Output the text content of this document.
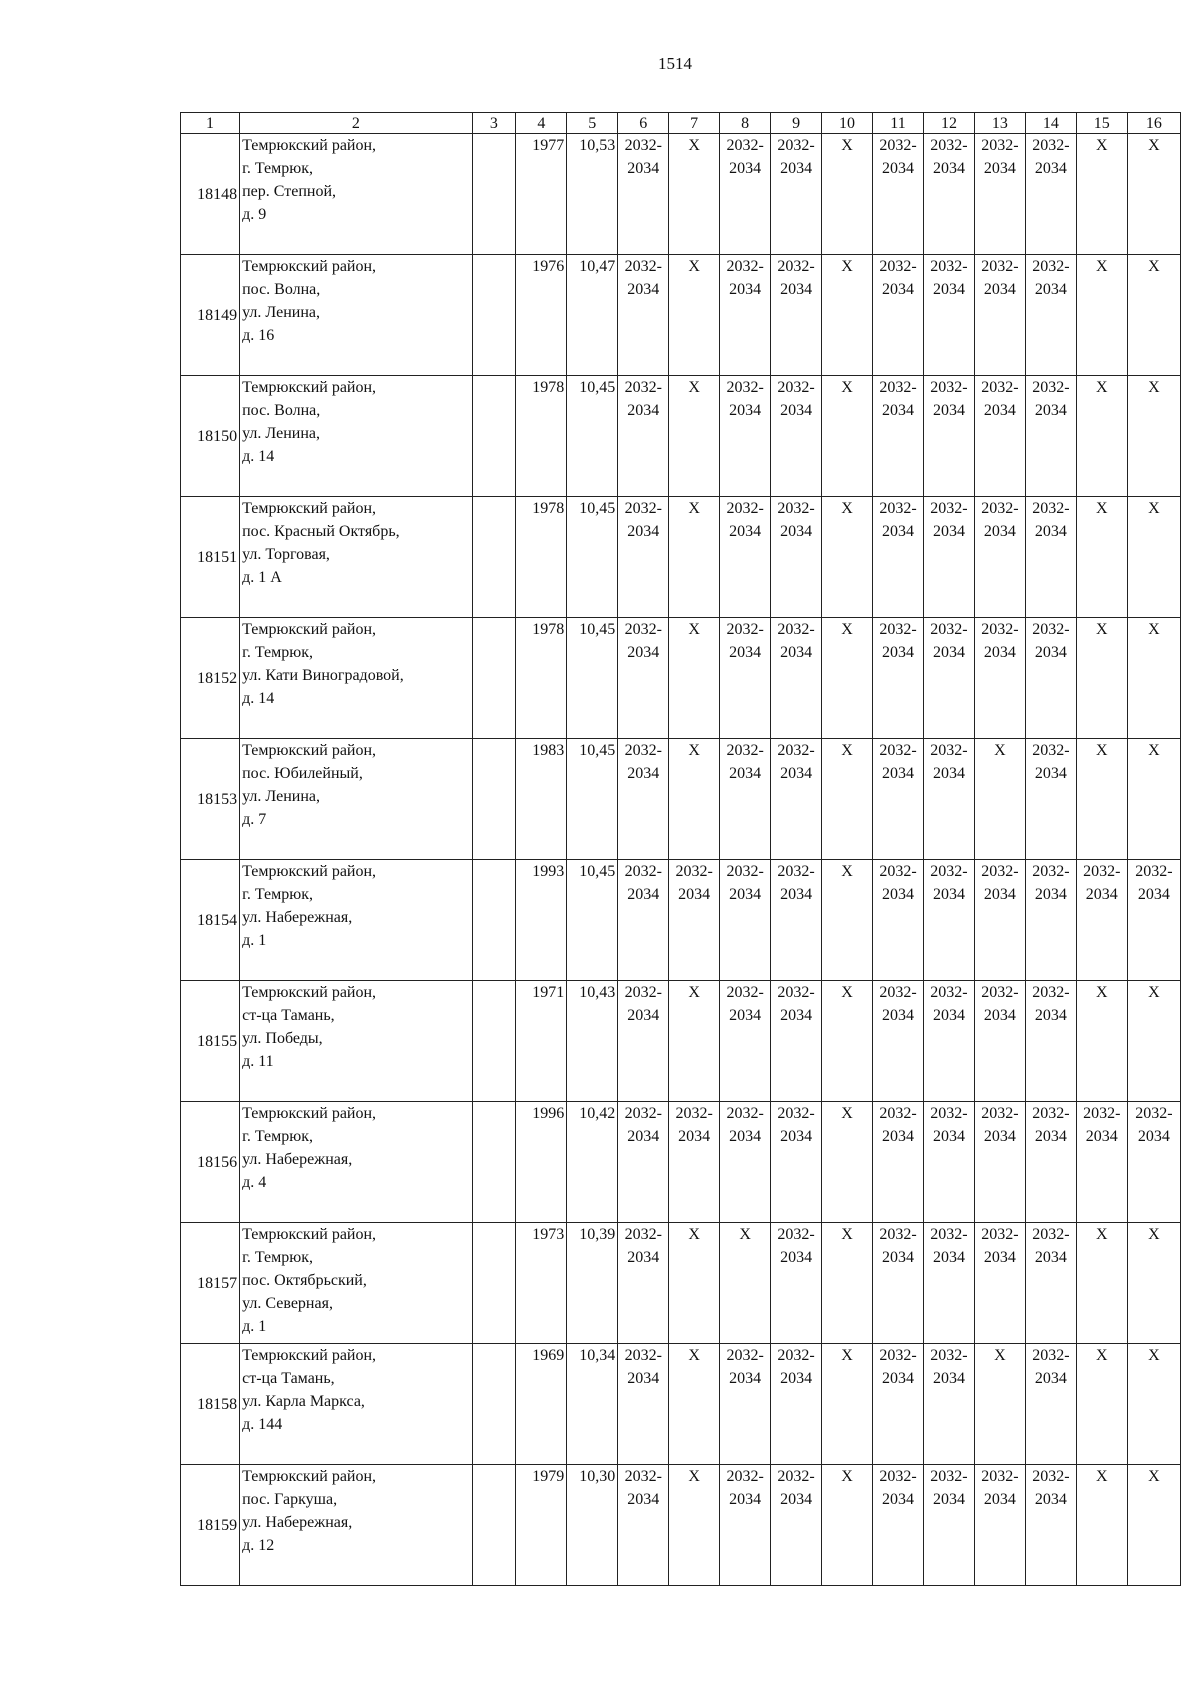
1514
1	2	3	4	5	6	7	8	9	10	11	12	13	14	15	16
18148	Темрюкский район,
г. Темрюк,
пер. Степной,
д. 9		1977	10,53	2032-
2034	X	2032-
2034	2032-
2034	X	2032-
2034	2032-
2034	2032-
2034	2032-
2034	X	X
18149	Темрюкский район,
пос. Волна,
ул. Ленина,
д. 16		1976	10,47	2032-
2034	X	2032-
2034	2032-
2034	X	2032-
2034	2032-
2034	2032-
2034	2032-
2034	X	X
18150	Темрюкский район,
пос. Волна,
ул. Ленина,
д. 14		1978	10,45	2032-
2034	X	2032-
2034	2032-
2034	X	2032-
2034	2032-
2034	2032-
2034	2032-
2034	X	X
18151	Темрюкский район,
пос. Красный Октябрь,
ул. Торговая,
д. 1 А		1978	10,45	2032-
2034	X	2032-
2034	2032-
2034	X	2032-
2034	2032-
2034	2032-
2034	2032-
2034	X	X
18152	Темрюкский район,
г. Темрюк,
ул. Кати Виноградовой,
д. 14		1978	10,45	2032-
2034	X	2032-
2034	2032-
2034	X	2032-
2034	2032-
2034	2032-
2034	2032-
2034	X	X
18153	Темрюкский район,
пос. Юбилейный,
ул. Ленина,
д. 7		1983	10,45	2032-
2034	X	2032-
2034	2032-
2034	X	2032-
2034	2032-
2034	X	2032-
2034	X	X
18154	Темрюкский район,
г. Темрюк,
ул. Набережная,
д. 1		1993	10,45	2032-
2034	2032-
2034	2032-
2034	2032-
2034	X	2032-
2034	2032-
2034	2032-
2034	2032-
2034	2032-
2034	2032-
2034
18155	Темрюкский район,
ст-ца Тамань,
ул. Победы,
д. 11		1971	10,43	2032-
2034	X	2032-
2034	2032-
2034	X	2032-
2034	2032-
2034	2032-
2034	2032-
2034	X	X
18156	Темрюкский район,
г. Темрюк,
ул. Набережная,
д. 4		1996	10,42	2032-
2034	2032-
2034	2032-
2034	2032-
2034	X	2032-
2034	2032-
2034	2032-
2034	2032-
2034	2032-
2034	2032-
2034
18157	Темрюкский район,
г. Темрюк,
пос. Октябрьский,
ул. Северная,
д. 1		1973	10,39	2032-
2034	X	X	2032-
2034	X	2032-
2034	2032-
2034	2032-
2034	2032-
2034	X	X
18158	Темрюкский район,
ст-ца Тамань,
ул. Карла Маркса,
д. 144		1969	10,34	2032-
2034	X	2032-
2034	2032-
2034	X	2032-
2034	2032-
2034	X	2032-
2034	X	X
18159	Темрюкский район,
пос. Гаркуша,
ул. Набережная,
д. 12		1979	10,30	2032-
2034	X	2032-
2034	2032-
2034	X	2032-
2034	2032-
2034	2032-
2034	2032-
2034	X	X
